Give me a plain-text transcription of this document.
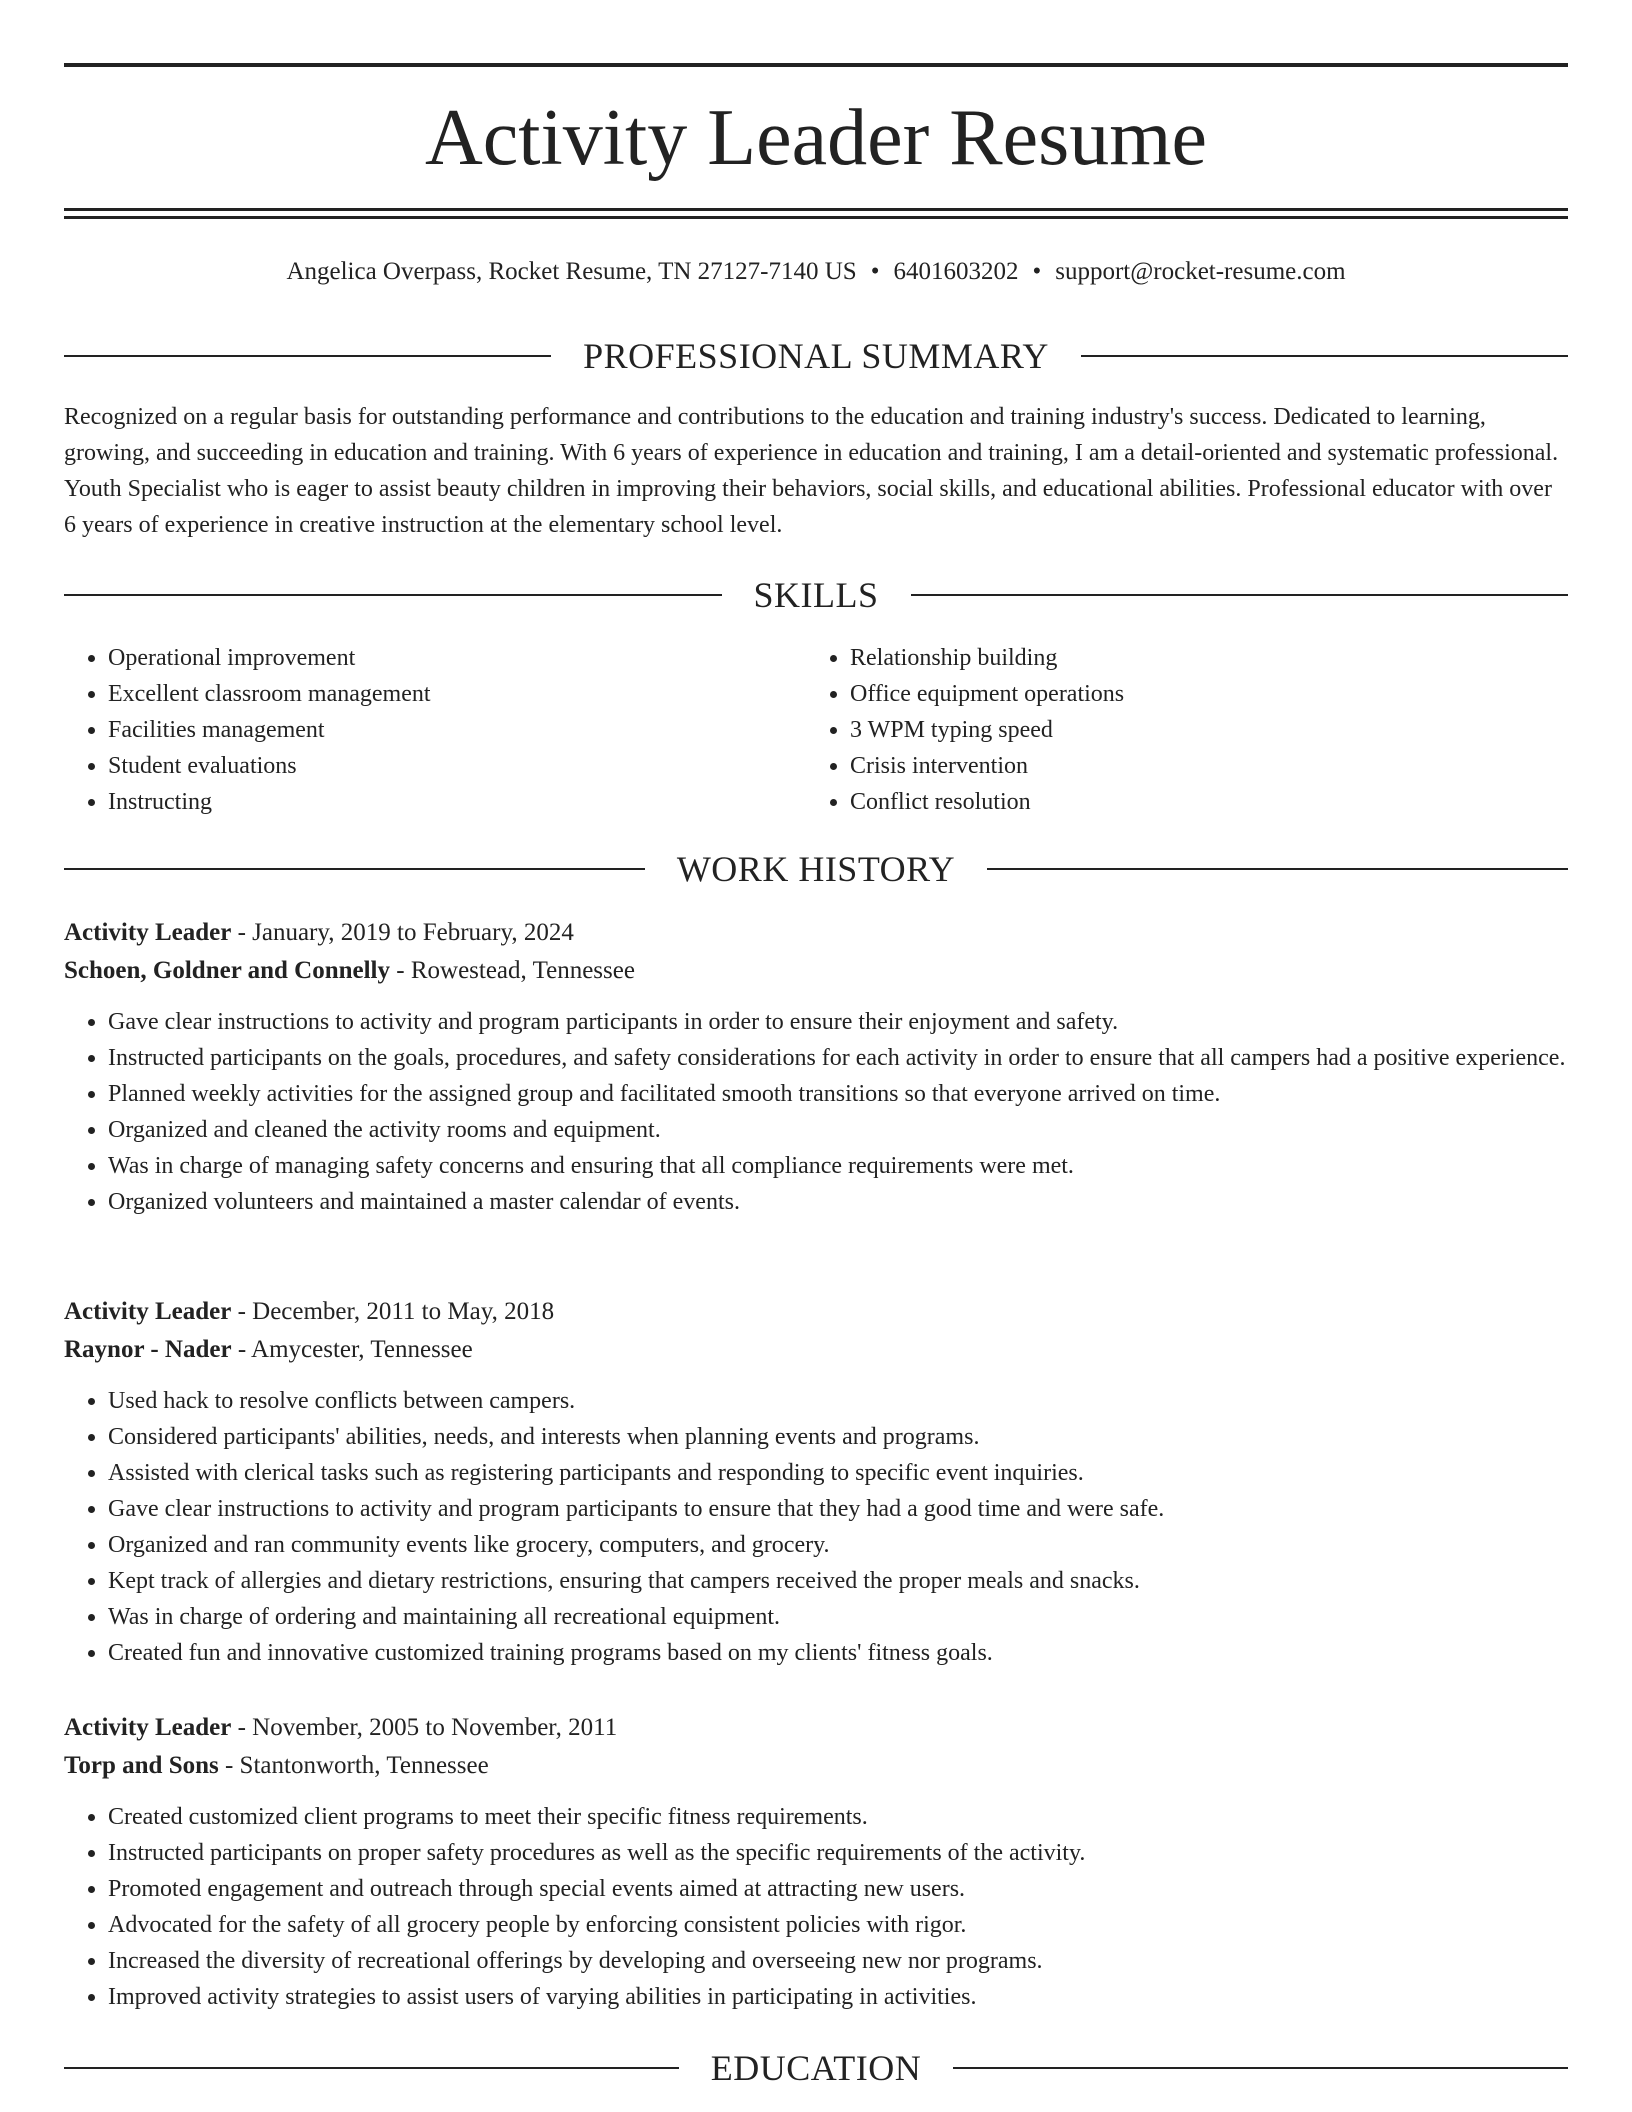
Activity Leader Resume
Angelica Overpass, Rocket Resume, TN 27127-7140 US • 6401603202 • support@rocket-resume.com
PROFESSIONAL SUMMARY

Recognized on a regular basis for outstanding performance and contributions to the education and training industry's success. Dedicated to learning, growing, and succeeding in education and training. With 6 years of experience in education and training, I am a detail-oriented and systematic professional. Youth Specialist who is eager to assist beauty children in improving their behaviors, social skills, and educational abilities. Professional educator with over 6 years of experience in creative instruction at the elementary school level.

SKILLS
• Operational improvement
• Excellent classroom management
• Facilities management
• Student evaluations
• Instructing
• Relationship building
• Office equipment operations
• 3 WPM typing speed
• Crisis intervention
• Conflict resolution
WORK HISTORY
Activity Leader - January, 2019 to February, 2024
Schoen, Goldner and Connelly - Rowestead, Tennessee
• Gave clear instructions to activity and program participants in order to ensure their enjoyment and safety.
• Instructed participants on the goals, procedures, and safety considerations for each activity in order to ensure that all campers had a positive experience.
• Planned weekly activities for the assigned group and facilitated smooth transitions so that everyone arrived on time.
• Organized and cleaned the activity rooms and equipment.
• Was in charge of managing safety concerns and ensuring that all compliance requirements were met.
• Organized volunteers and maintained a master calendar of events.
Activity Leader - December, 2011 to May, 2018
Raynor - Nader - Amycester, Tennessee
• Used hack to resolve conflicts between campers.
• Considered participants' abilities, needs, and interests when planning events and programs.
• Assisted with clerical tasks such as registering participants and responding to specific event inquiries.
• Gave clear instructions to activity and program participants to ensure that they had a good time and were safe.
• Organized and ran community events like grocery, computers, and grocery.
• Kept track of allergies and dietary restrictions, ensuring that campers received the proper meals and snacks.
• Was in charge of ordering and maintaining all recreational equipment.
• Created fun and innovative customized training programs based on my clients' fitness goals.
Activity Leader - November, 2005 to November, 2011
Torp and Sons - Stantonworth, Tennessee
• Created customized client programs to meet their specific fitness requirements.
• Instructed participants on proper safety procedures as well as the specific requirements of the activity.
• Promoted engagement and outreach through special events aimed at attracting new users.
• Advocated for the safety of all grocery people by enforcing consistent policies with rigor.
• Increased the diversity of recreational offerings by developing and overseeing new nor programs.
• Improved activity strategies to assist users of varying abilities in participating in activities.
EDUCATION
